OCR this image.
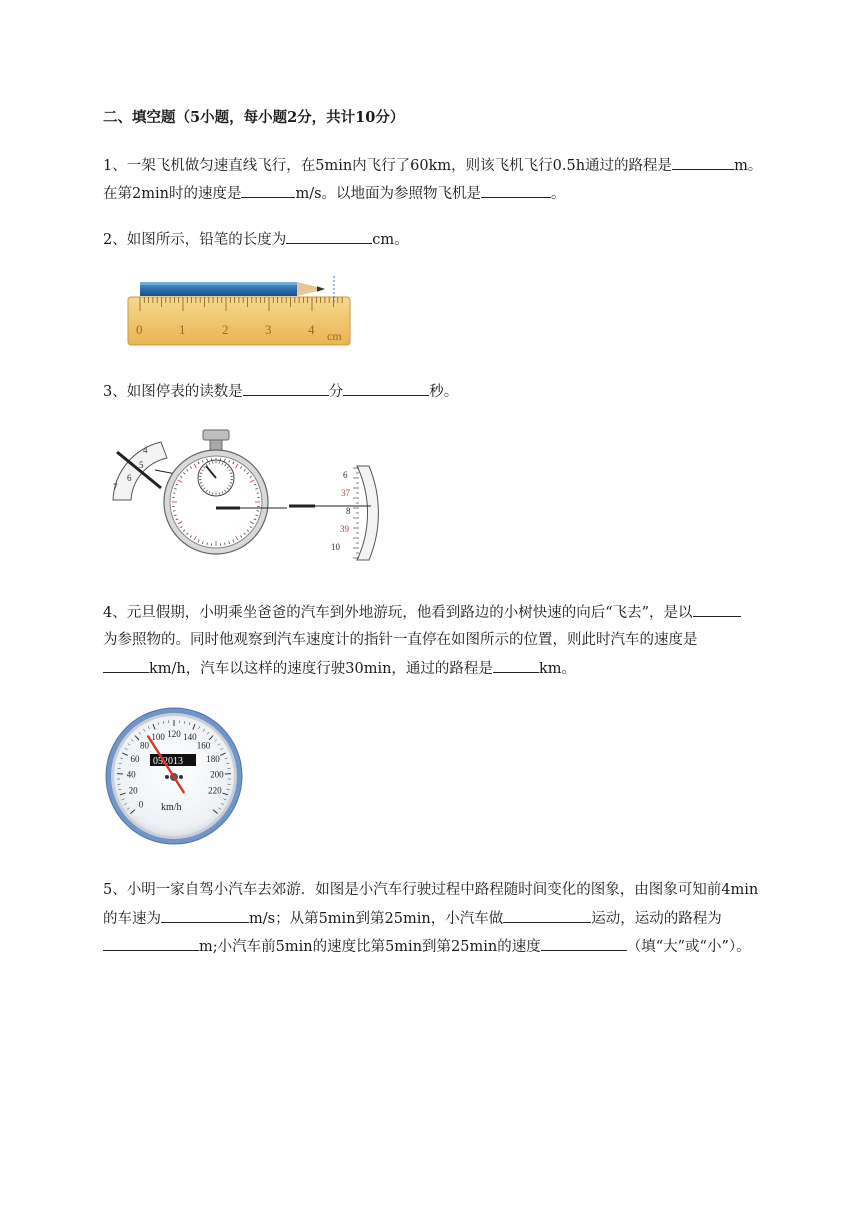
二、填空题（5小题，每小题2分，共计10分）
1、一架飞机做匀速直线飞行，在5min内飞行了60km，则该飞机飞行0.5h通过的路程是	m。
在第2min时的速度是	m/s。以地面为参照物飞机是	。
2、如图所示，铅笔的长度为	cm。
0	1	2	3	4 cm
3、如图停表的读数是	分	秒。
4
5
6
7
6
37
8
39
10
4、元旦假期，小明乘坐爸爸的汽车到外地游玩，他看到路边的小树快速的向后“飞去”，是以
为参照物的。同时他观察到汽车速度计的指针一直停在如图所示的位置，则此时汽车的速度是
km/h，汽车以这样的速度行驶30min，通过的路程是	km。
0
20
40
60
80
100 120 140
160
180
200
220
052013
km/h
5、小明一家自驾小汽车去郊游．如图是小汽车行驶过程中路程随时间变化的图象，由图象可知前4min
的车速为	m/s；从第5min到第25min，小汽车做	运动，运动的路程为
m;小汽车前5min的速度比第5min到第25min的速度	（填“大”或“小”）。
